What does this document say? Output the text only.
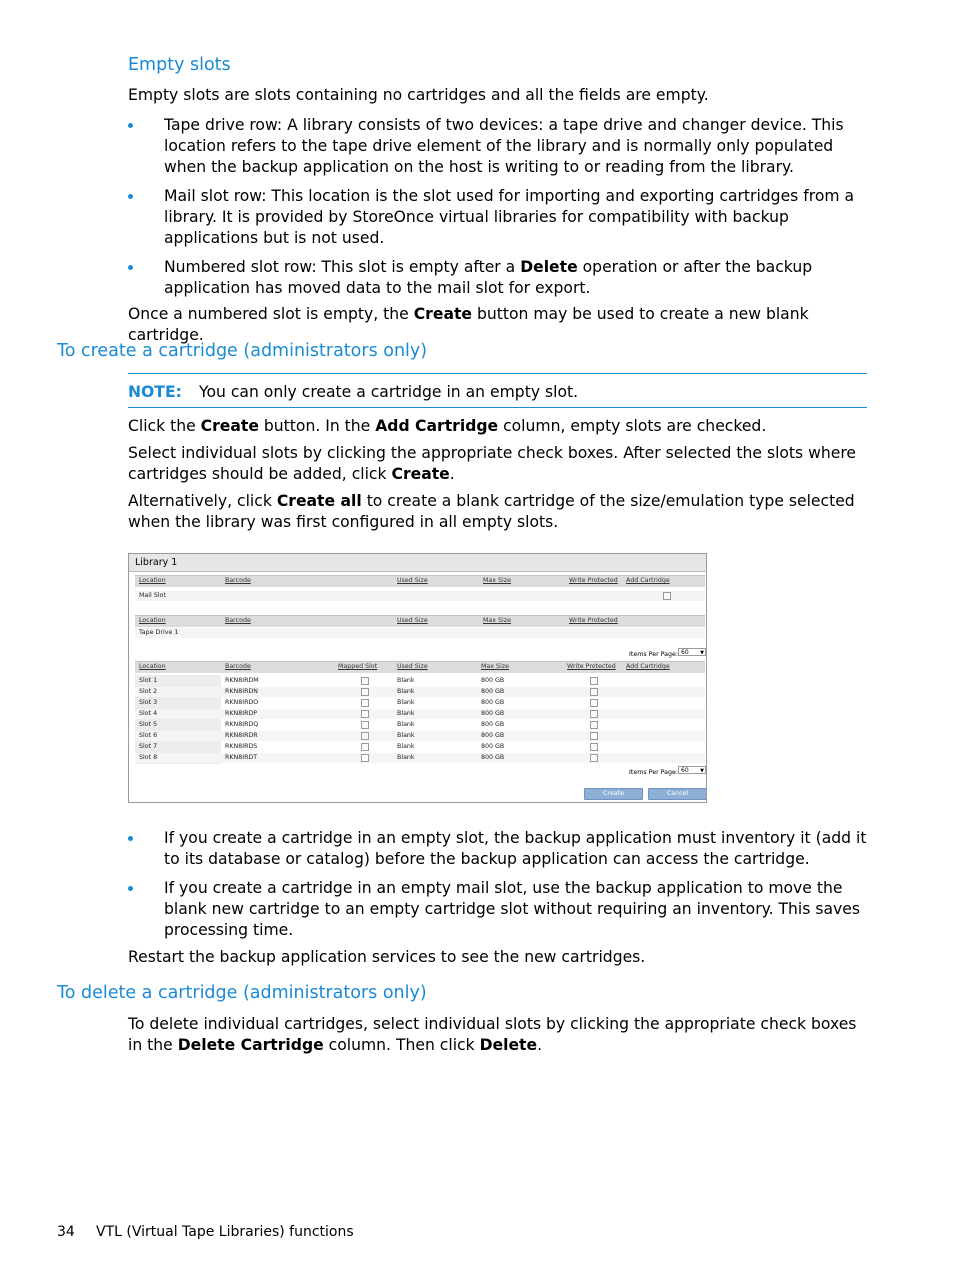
Empty slots

Empty slots are slots containing no cartridges and all the fields are empty.

Tape drive row: A library consists of two devices: a tape drive and changer device. This location refers to the tape drive element of the library and is normally only populated when the backup application on the host is writing to or reading from the library.
Mail slot row: This location is the slot used for importing and exporting cartridges from a library. It is provided by StoreOnce virtual libraries for compatibility with backup applications but is not used.
Numbered slot row: This slot is empty after a Delete operation or after the backup application has moved data to the mail slot for export.

Once a numbered slot is empty, the Create button may be used to create a new blank cartridge.

To create a cartridge (administrators only)

NOTE: You can only create a cartridge in an empty slot.

Click the Create button. In the Add Cartridge column, empty slots are checked.

Select individual slots by clicking the appropriate check boxes. After selected the slots where cartridges should be added, click Create.

Alternatively, click Create all to create a blank cartridge of the size/emulation type selected when the library was first configured in all empty slots.

Library 1
Location	Barcode	Used Size	Max Size	Write Protected Add Cartridge
Mail Slot
Location	Barcode	Used Size	Max Size	Write Protected
Tape Drive 1
Items Per Page: 60 ▼
Location	Barcode	Mapped Slot	Used Size	Max Size	Write Protected Add Cartridge
Slot 1	RKN8IRDM	Blank	800 GB
Slot 2	RKN8IRDN	Blank	800 GB
Slot 3	RKN8IRDO	Blank	800 GB
Slot 4	RKN8IRDP	Blank	800 GB
Slot 5	RKN8IRDQ	Blank	800 GB
Slot 6	RKN8IRDR	Blank	800 GB
Slot 7	RKN8IRDS	Blank	800 GB
Slot 8	RKN8IRDT	Blank	800 GB
Items Per Page: 60 ▼
Create	Cancel
If you create a cartridge in an empty slot, the backup application must inventory it (add it to its database or catalog) before the backup application can access the cartridge.
If you create a cartridge in an empty mail slot, use the backup application to move the blank new cartridge to an empty cartridge slot without requiring an inventory. This saves processing time.

Restart the backup application services to see the new cartridges.

To delete a cartridge (administrators only)

To delete individual cartridges, select individual slots by clicking the appropriate check boxes in the Delete Cartridge column. Then click Delete.

34 VTL (Virtual Tape Libraries) functions
